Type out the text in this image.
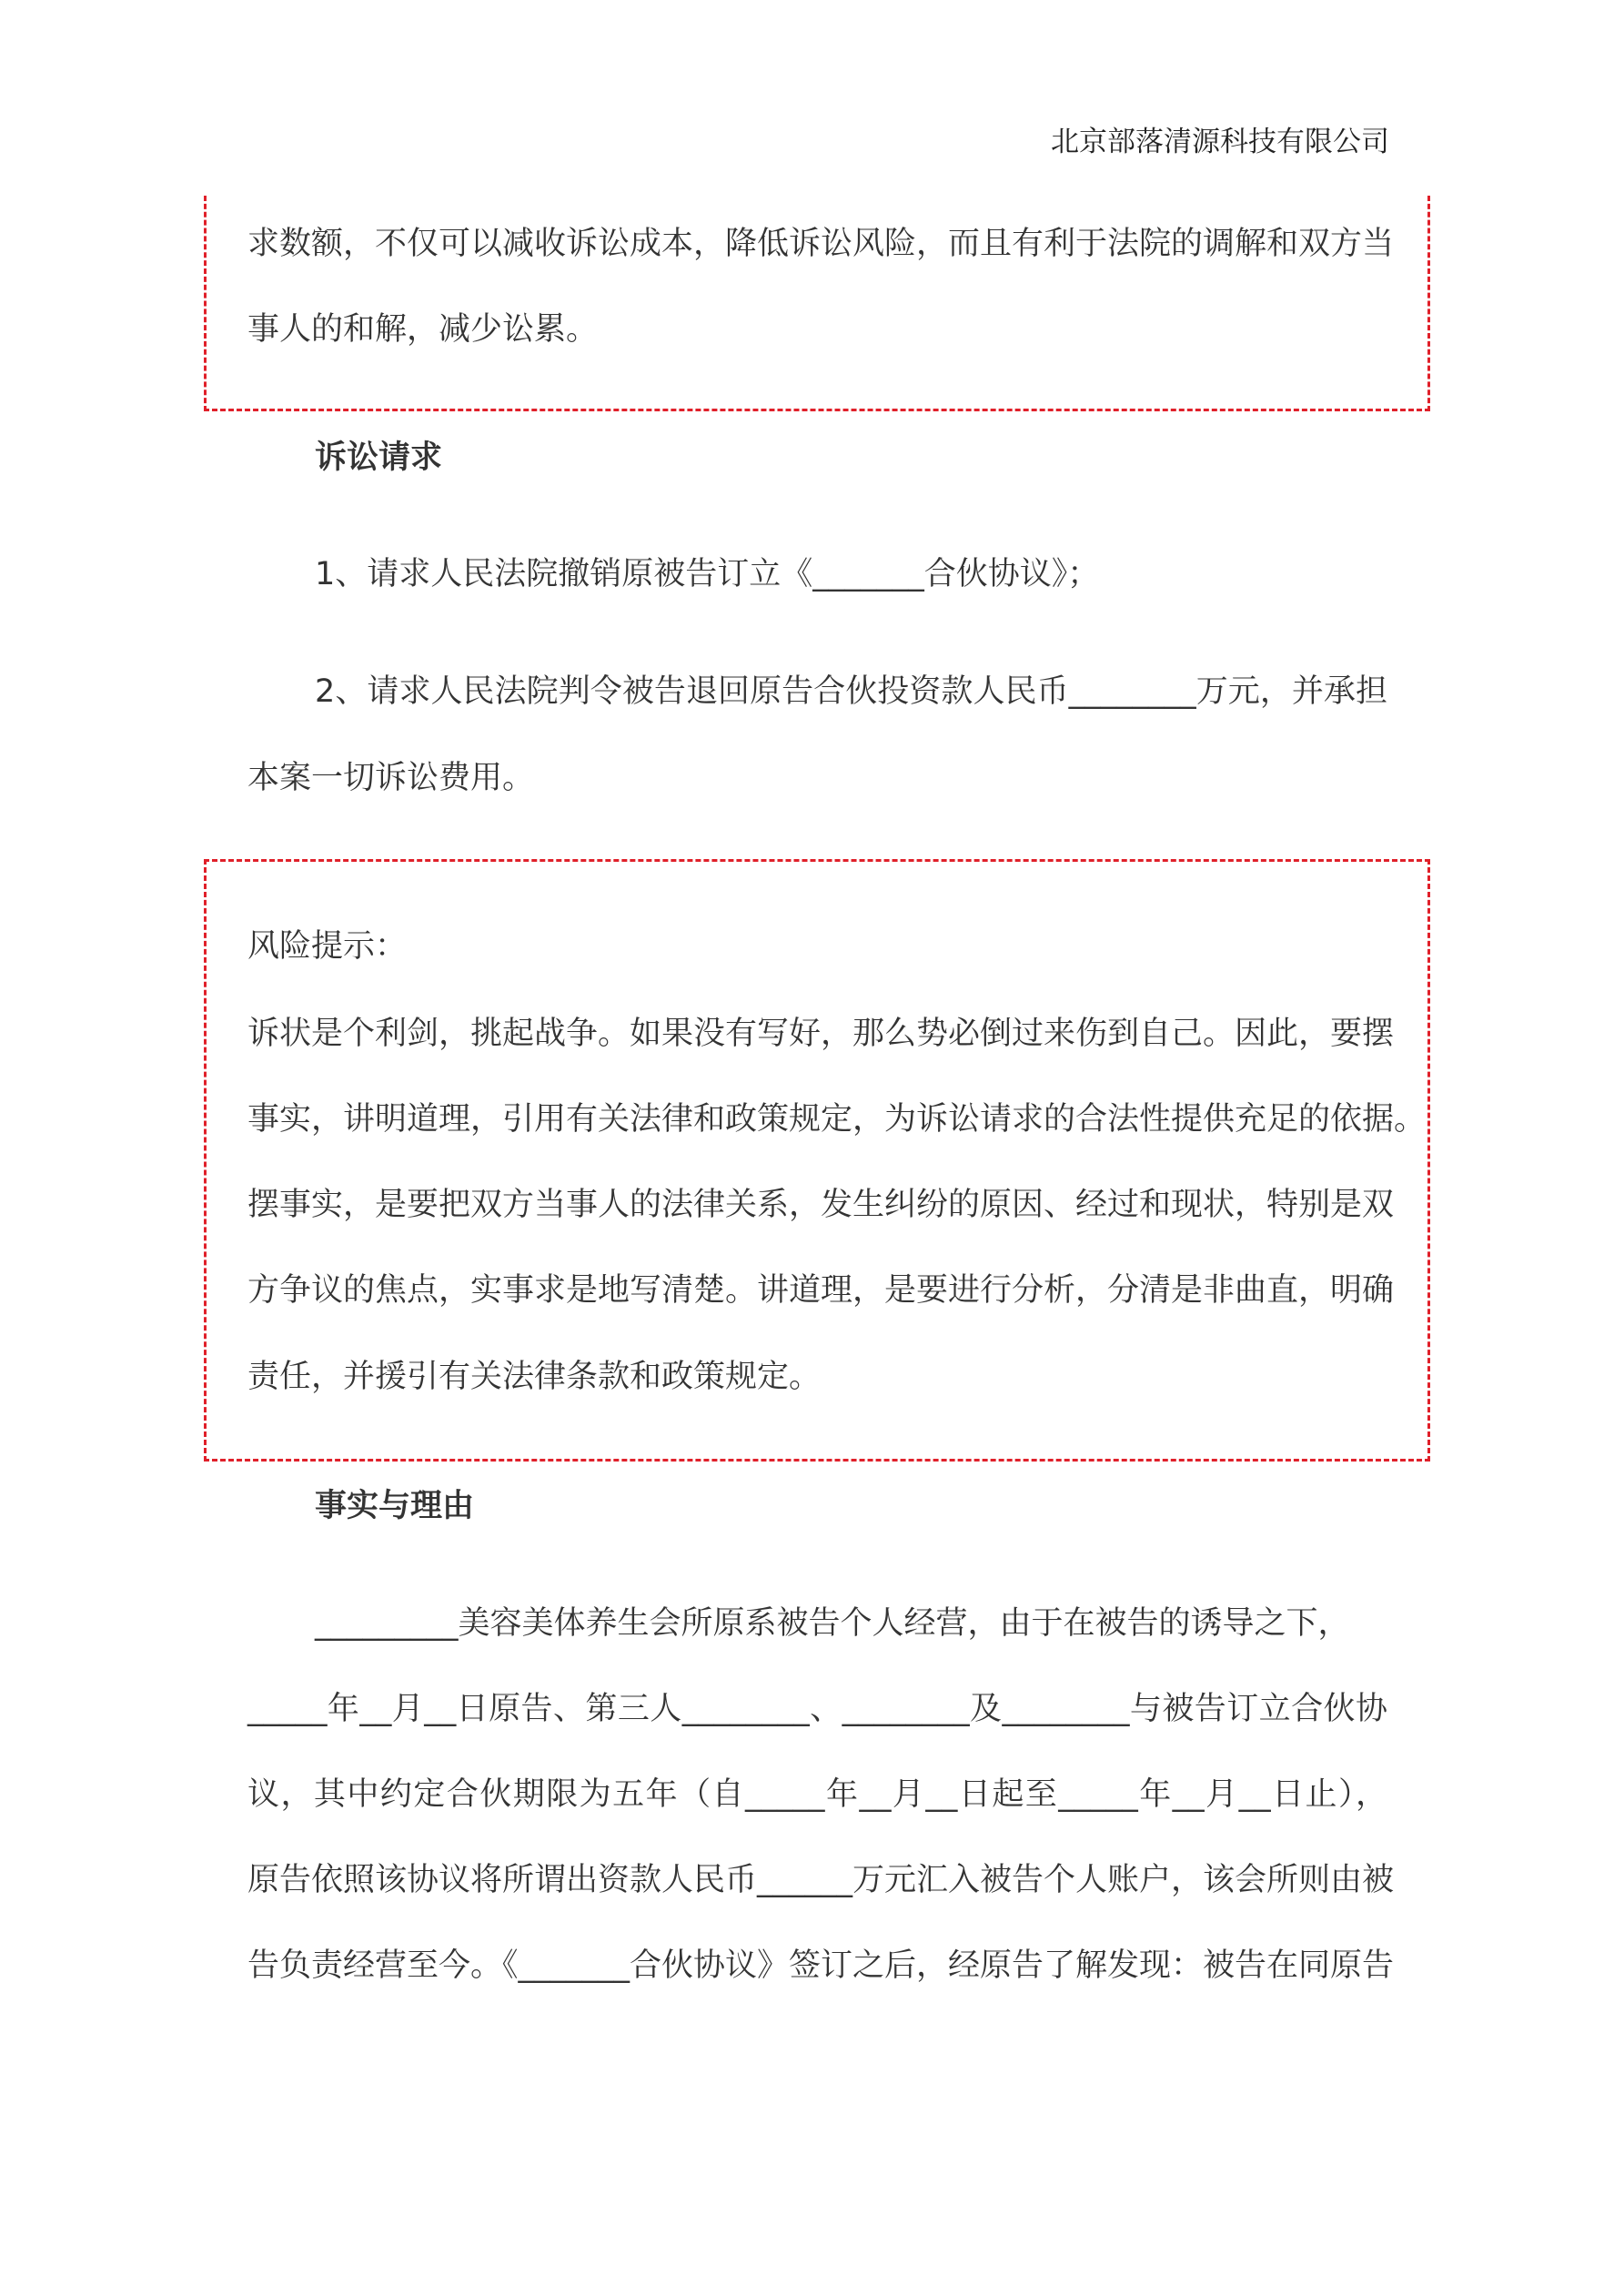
北京部落清源科技有限公司
求数额，不仅可以减收诉讼成本，降低诉讼风险，而且有利于法院的调解和双方当
事人的和解，减少讼累。
诉讼请求
1、请求人民法院撤销原被告订立《_______合伙协议》；
2、请求人民法院判令被告退回原告合伙投资款人民币________万元，并承担
本案一切诉讼费用。
风险提示：
诉状是个利剑，挑起战争。如果没有写好，那么势必倒过来伤到自己。因此，要摆
事实，讲明道理，引用有关法律和政策规定，为诉讼请求的合法性提供充足的依据。
摆事实，是要把双方当事人的法律关系，发生纠纷的原因、经过和现状，特别是双
方争议的焦点，实事求是地写清楚。讲道理，是要进行分析，分清是非曲直，明确
责任，并援引有关法律条款和政策规定。
事实与理由
_________美容美体养生会所原系被告个人经营，由于在被告的诱导之下，
_____年__月__日原告、第三人________、________及________与被告订立合伙协
议，其中约定合伙期限为五年（自_____年__月__日起至_____年__月__日止），
原告依照该协议将所谓出资款人民币______万元汇入被告个人账户，该会所则由被
告负责经营至今。《_______合伙协议》签订之后，经原告了解发现：被告在同原告
